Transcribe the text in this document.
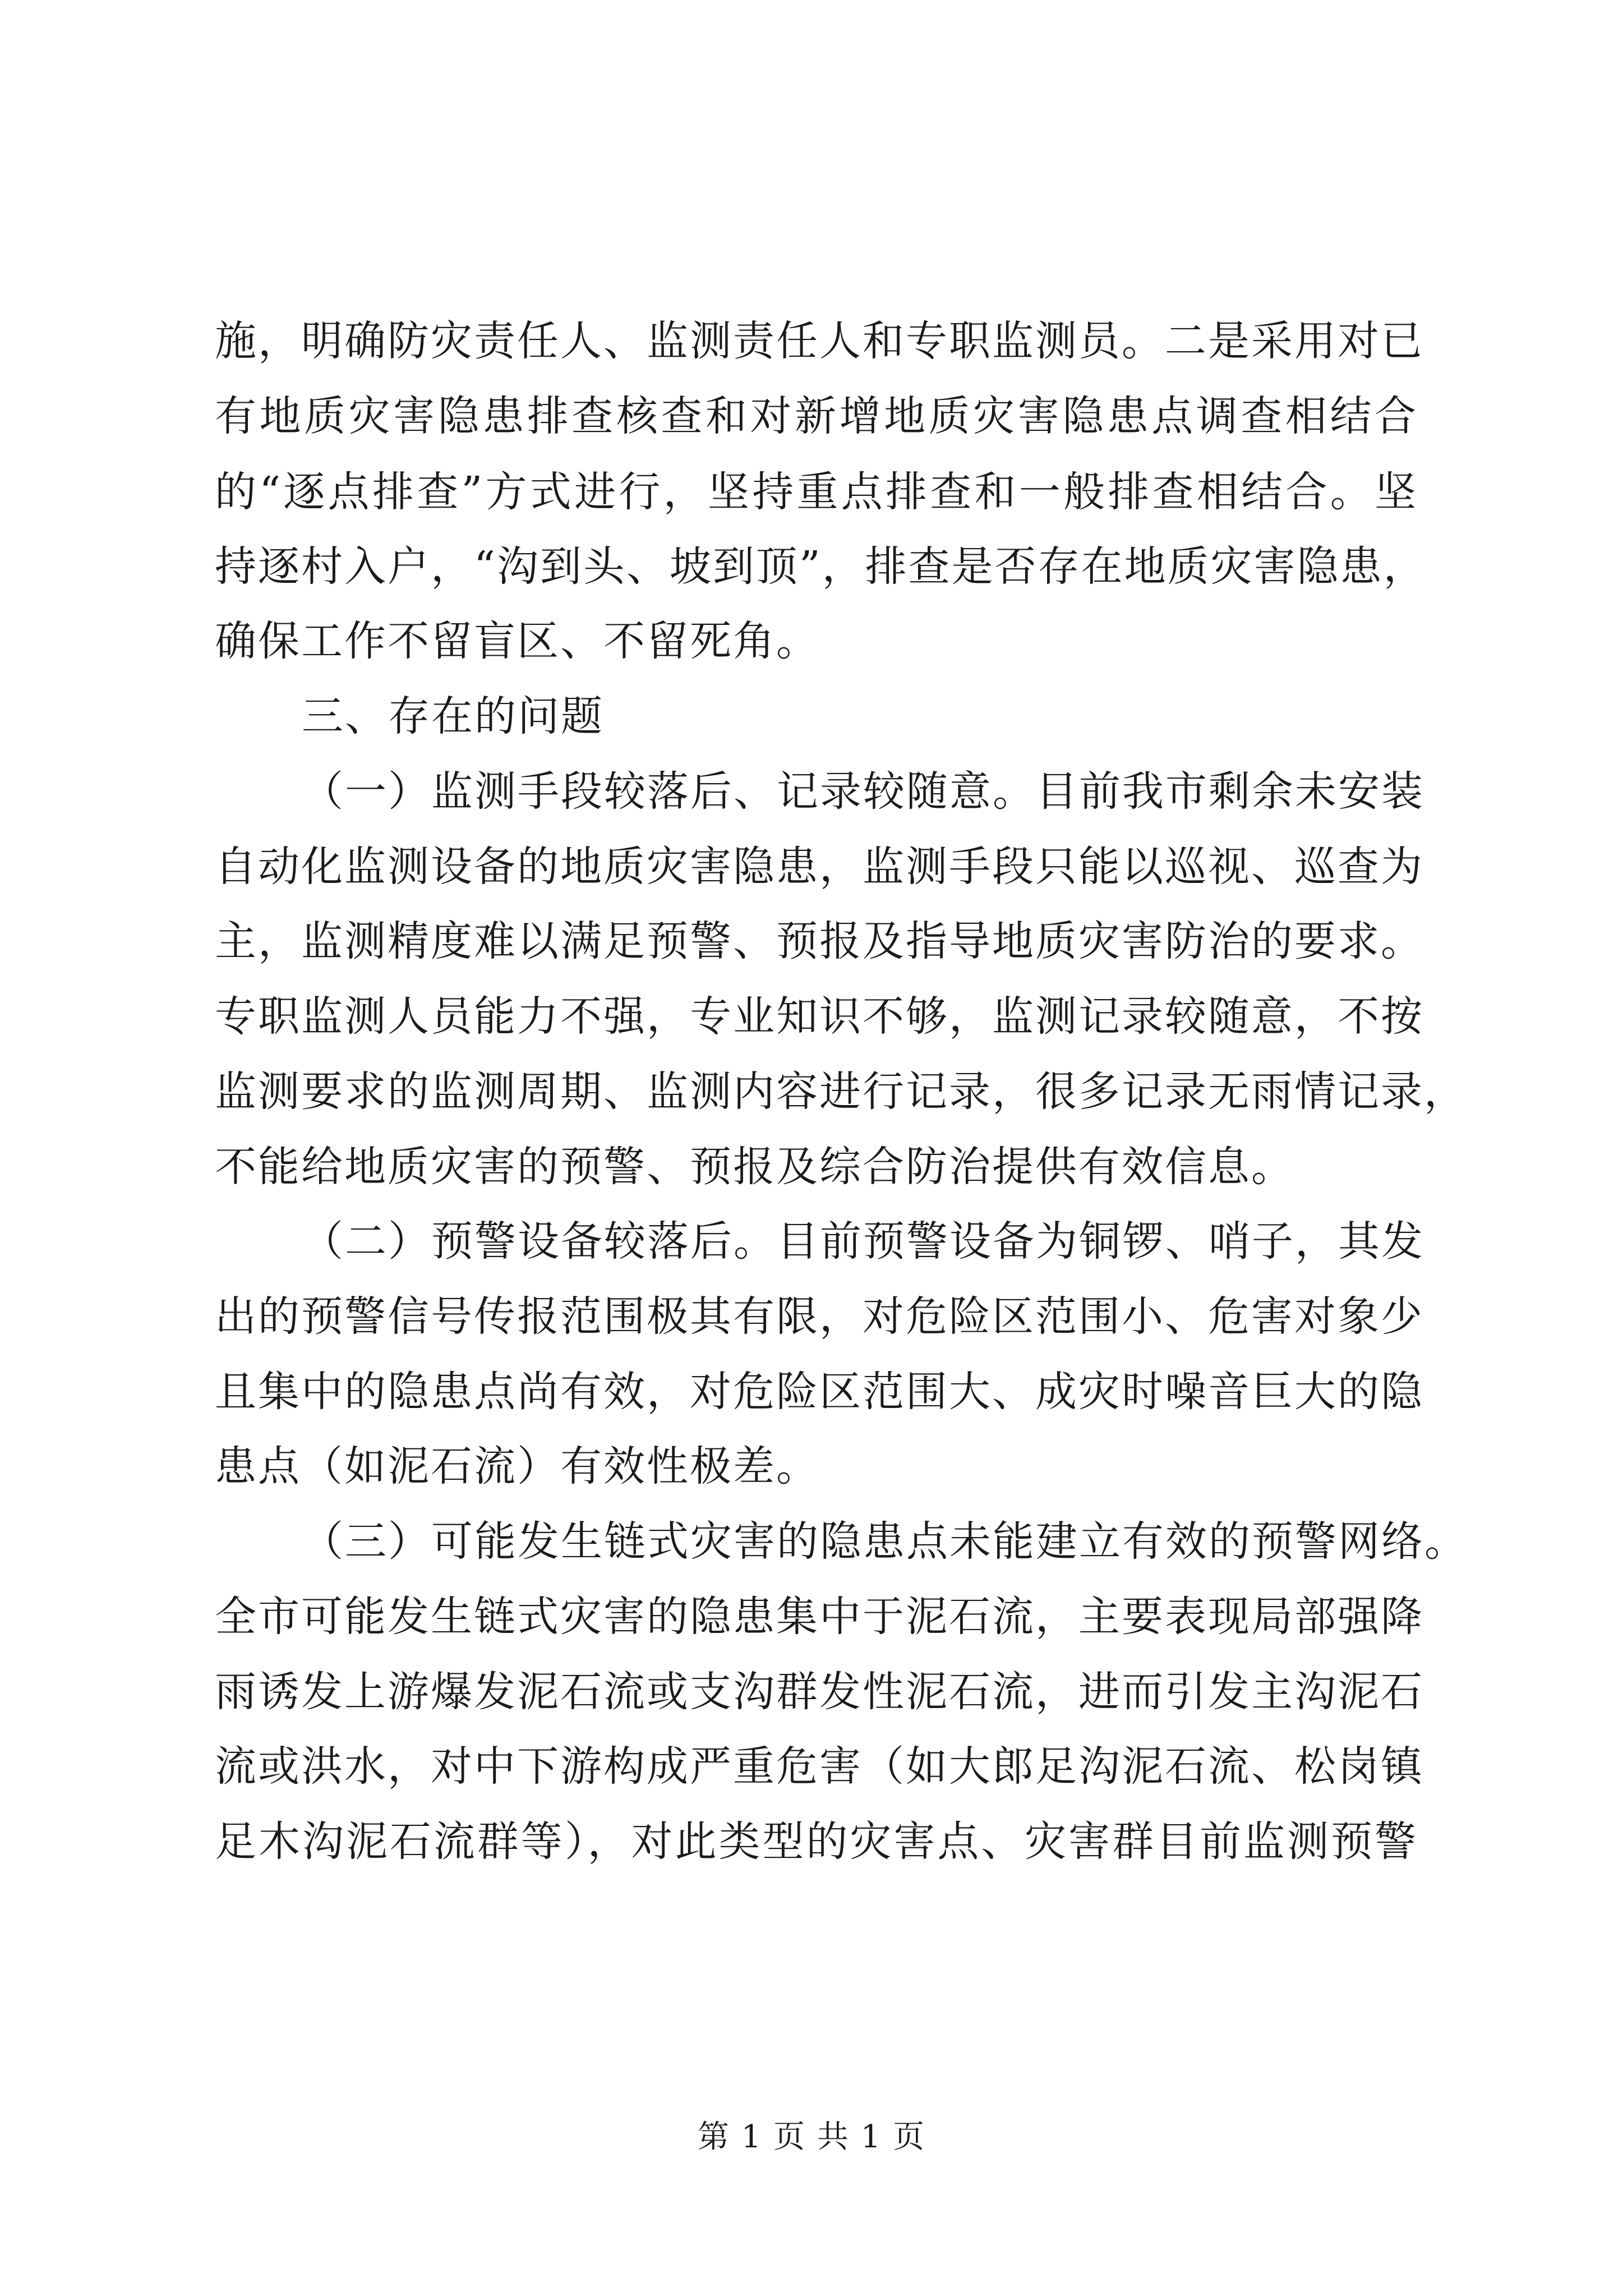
施，明确防灾责任人、监测责任人和专职监测员。二是采用对已
有地质灾害隐患排查核查和对新增地质灾害隐患点调查相结合
的“逐点排查”方式进行，坚持重点排查和一般排查相结合。坚
持逐村入户，“沟到头、坡到顶”，排查是否存在地质灾害隐患，
确保工作不留盲区、不留死角。
三、存在的问题
（一）监测手段较落后、记录较随意。目前我市剩余未安装
自动化监测设备的地质灾害隐患，监测手段只能以巡视、巡查为
主，监测精度难以满足预警、预报及指导地质灾害防治的要求。
专职监测人员能力不强，专业知识不够，监测记录较随意，不按
监测要求的监测周期、监测内容进行记录，很多记录无雨情记录，
不能给地质灾害的预警、预报及综合防治提供有效信息。
（二）预警设备较落后。目前预警设备为铜锣、哨子，其发
出的预警信号传报范围极其有限，对危险区范围小、危害对象少
且集中的隐患点尚有效，对危险区范围大、成灾时噪音巨大的隐
患点（如泥石流）有效性极差。
（三）可能发生链式灾害的隐患点未能建立有效的预警网络。
全市可能发生链式灾害的隐患集中于泥石流，主要表现局部强降
雨诱发上游爆发泥石流或支沟群发性泥石流，进而引发主沟泥石
流或洪水，对中下游构成严重危害（如大郎足沟泥石流、松岗镇
足木沟泥石流群等），对此类型的灾害点、灾害群目前监测预警
第 1 页 共 1 页
